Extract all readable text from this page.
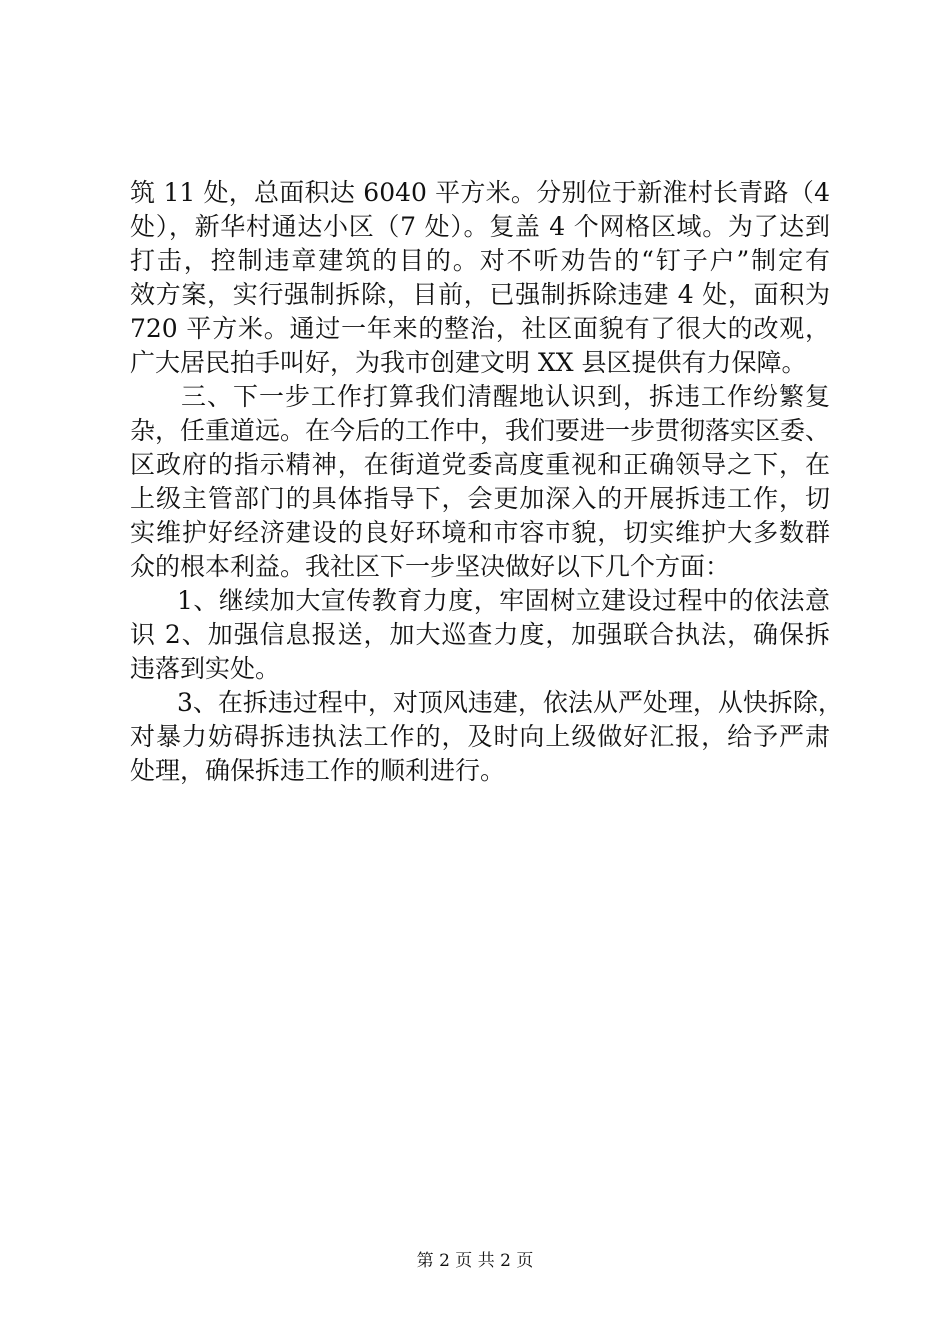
筑 11 处，总面积达 6040 平方米。分别位于新淮村长青路（4
处），新华村通达小区（7 处）。复盖 4 个网格区域。为了达到
打击，控制违章建筑的目的。对不听劝告的“钉子户”制定有
效方案，实行强制拆除，目前，已强制拆除违建 4 处，面积为
720 平方米。通过一年来的整治，社区面貌有了很大的改观，
广大居民拍手叫好，为我市创建文明 XX 县区提供有力保障。
三、下一步工作打算我们清醒地认识到，拆违工作纷繁复
杂，任重道远。在今后的工作中，我们要进一步贯彻落实区委、
区政府的指示精神，在街道党委高度重视和正确领导之下，在
上级主管部门的具体指导下，会更加深入的开展拆违工作，切
实维护好经济建设的良好环境和市容市貌，切实维护大多数群
众的根本利益。我社区下一步坚决做好以下几个方面：
1、继续加大宣传教育力度，牢固树立建设过程中的依法意
识 2、加强信息报送，加大巡查力度，加强联合执法，确保拆
违落到实处。
3、在拆违过程中，对顶风违建，依法从严处理，从快拆除，
对暴力妨碍拆违执法工作的，及时向上级做好汇报，给予严肃
处理，确保拆违工作的顺利进行。
第 2 页 共 2 页
